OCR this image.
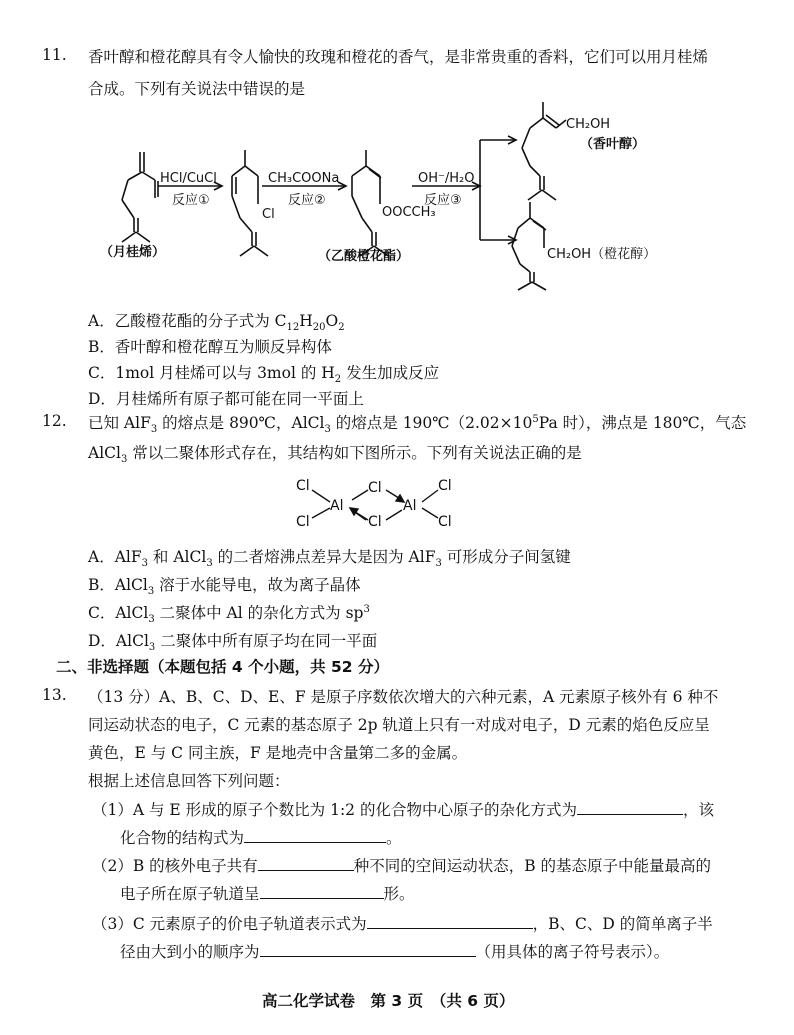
11. 香叶醇和橙花醇具有令人愉快的玫瑰和橙花的香气，是非常贵重的香料，它们可以用月桂烯
合成。下列有关说法中错误的是
HCl/CuCl
反应①
Cl
CH₃COONa
反应②
OOCCH₃
OH⁻/H₂O
反应③
CH₂OH
CH₂OH（橙花醇）
（月桂烯）	（乙酸橙花酯）
（香叶醇）
A．乙酸橙花酯的分子式为 $C_{12}H_{20}O_2$
B．香叶醇和橙花醇互为顺反异构体
C．1mol 月桂烯可以与 3mol 的 $H_2$ 发生加成反应
D．月桂烯所有原子都可能在同一平面上
12. 已知 AlF$_3$ 的熔点是 890℃，AlCl$_3$ 的熔点是 $190℃(2.02\times 10^5Pa$ 时），沸点是 180℃，气态
AlCl$_3$ 常以二聚体形式存在，其结构如下图所示。下列有关说法正确的是
Cl
Cl
Al
Cl
Cl
Al
Cl
Cl
A．AlF$_3$ 和 AlCl$_3$ 的二者熔沸点差异大是因为 AlF$_3$ 可形成分子间氢键
B．AlCl$_3$ 溶于水能导电，故为离子晶体
C．AlCl$_3$ 二聚体中 Al 的杂化方式为 $sp^3$
D．AlCl$_3$ 二聚体中所有原子均在同一平面
二、非选择题（本题包括 4 个小题，共 52 分）
13. （13 分）A、B、C、D、E、F 是原子序数依次增大的六种元素，A 元素原子核外有 6 种不
同运动状态的电子，C 元素的基态原子 2p 轨道上只有一对成对电子，D 元素的焰色反应呈
黄色，E 与 C 同主族，F 是地壳中含量第二多的金属。
根据上述信息回答下列问题：
（1）A 与 E 形成的原子个数比为 1:2 的化合物中心原子的杂化方式为	，该
化合物的结构式为	。
（2）B 的核外电子共有	种不同的空间运动状态，B 的基态原子中能量最高的
电子所在原子轨道呈	形。
（3）C 元素原子的价电子轨道表示式为	，B、C、D 的简单离子半
径由大到小的顺序为	（用具体的离子符号表示）。
高二化学试卷　第 3 页　（共 6 页）
